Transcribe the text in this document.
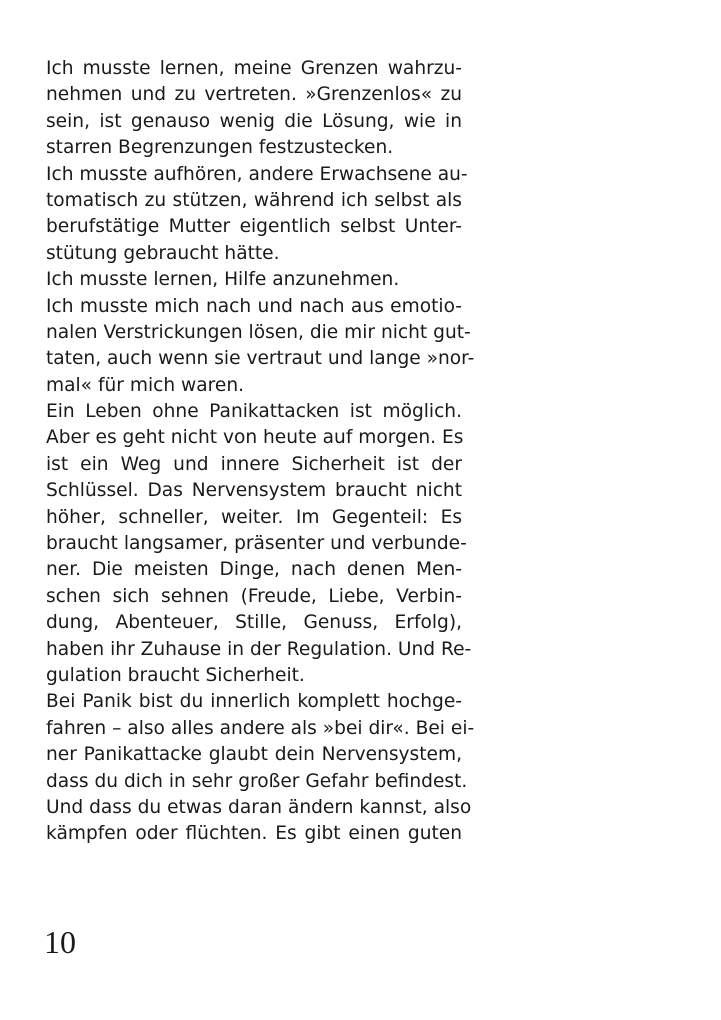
Ich musste lernen, meine Grenzen wahrzu-
nehmen und zu vertreten. »Grenzenlos« zu
sein, ist genauso wenig die Lösung, wie in
starren Begrenzungen festzustecken.
Ich musste aufhören, andere Erwachsene au-
tomatisch zu stützen, während ich selbst als
berufstätige Mutter eigentlich selbst Unter-
stütung gebraucht hätte.
Ich musste lernen, Hilfe anzunehmen.
Ich musste mich nach und nach aus emotio-
nalen Verstrickungen lösen, die mir nicht gut-
taten, auch wenn sie vertraut und lange »nor-
mal« für mich waren.
Ein Leben ohne Panikattacken ist möglich.
Aber es geht nicht von heute auf morgen. Es
ist ein Weg und innere Sicherheit ist der
Schlüssel. Das Nervensystem braucht nicht
höher, schneller, weiter. Im Gegenteil: Es
braucht langsamer, präsenter und verbunde-
ner. Die meisten Dinge, nach denen Men-
schen sich sehnen (Freude, Liebe, Verbin-
dung, Abenteuer, Stille, Genuss, Erfolg),
haben ihr Zuhause in der Regulation. Und Re-
gulation braucht Sicherheit.
Bei Panik bist du innerlich komplett hochge-
fahren – also alles andere als »bei dir«. Bei ei-
ner Panikattacke glaubt dein Nervensystem,
dass du dich in sehr großer Gefahr befindest.
Und dass du etwas daran ändern kannst, also
kämpfen oder flüchten. Es gibt einen guten
10
